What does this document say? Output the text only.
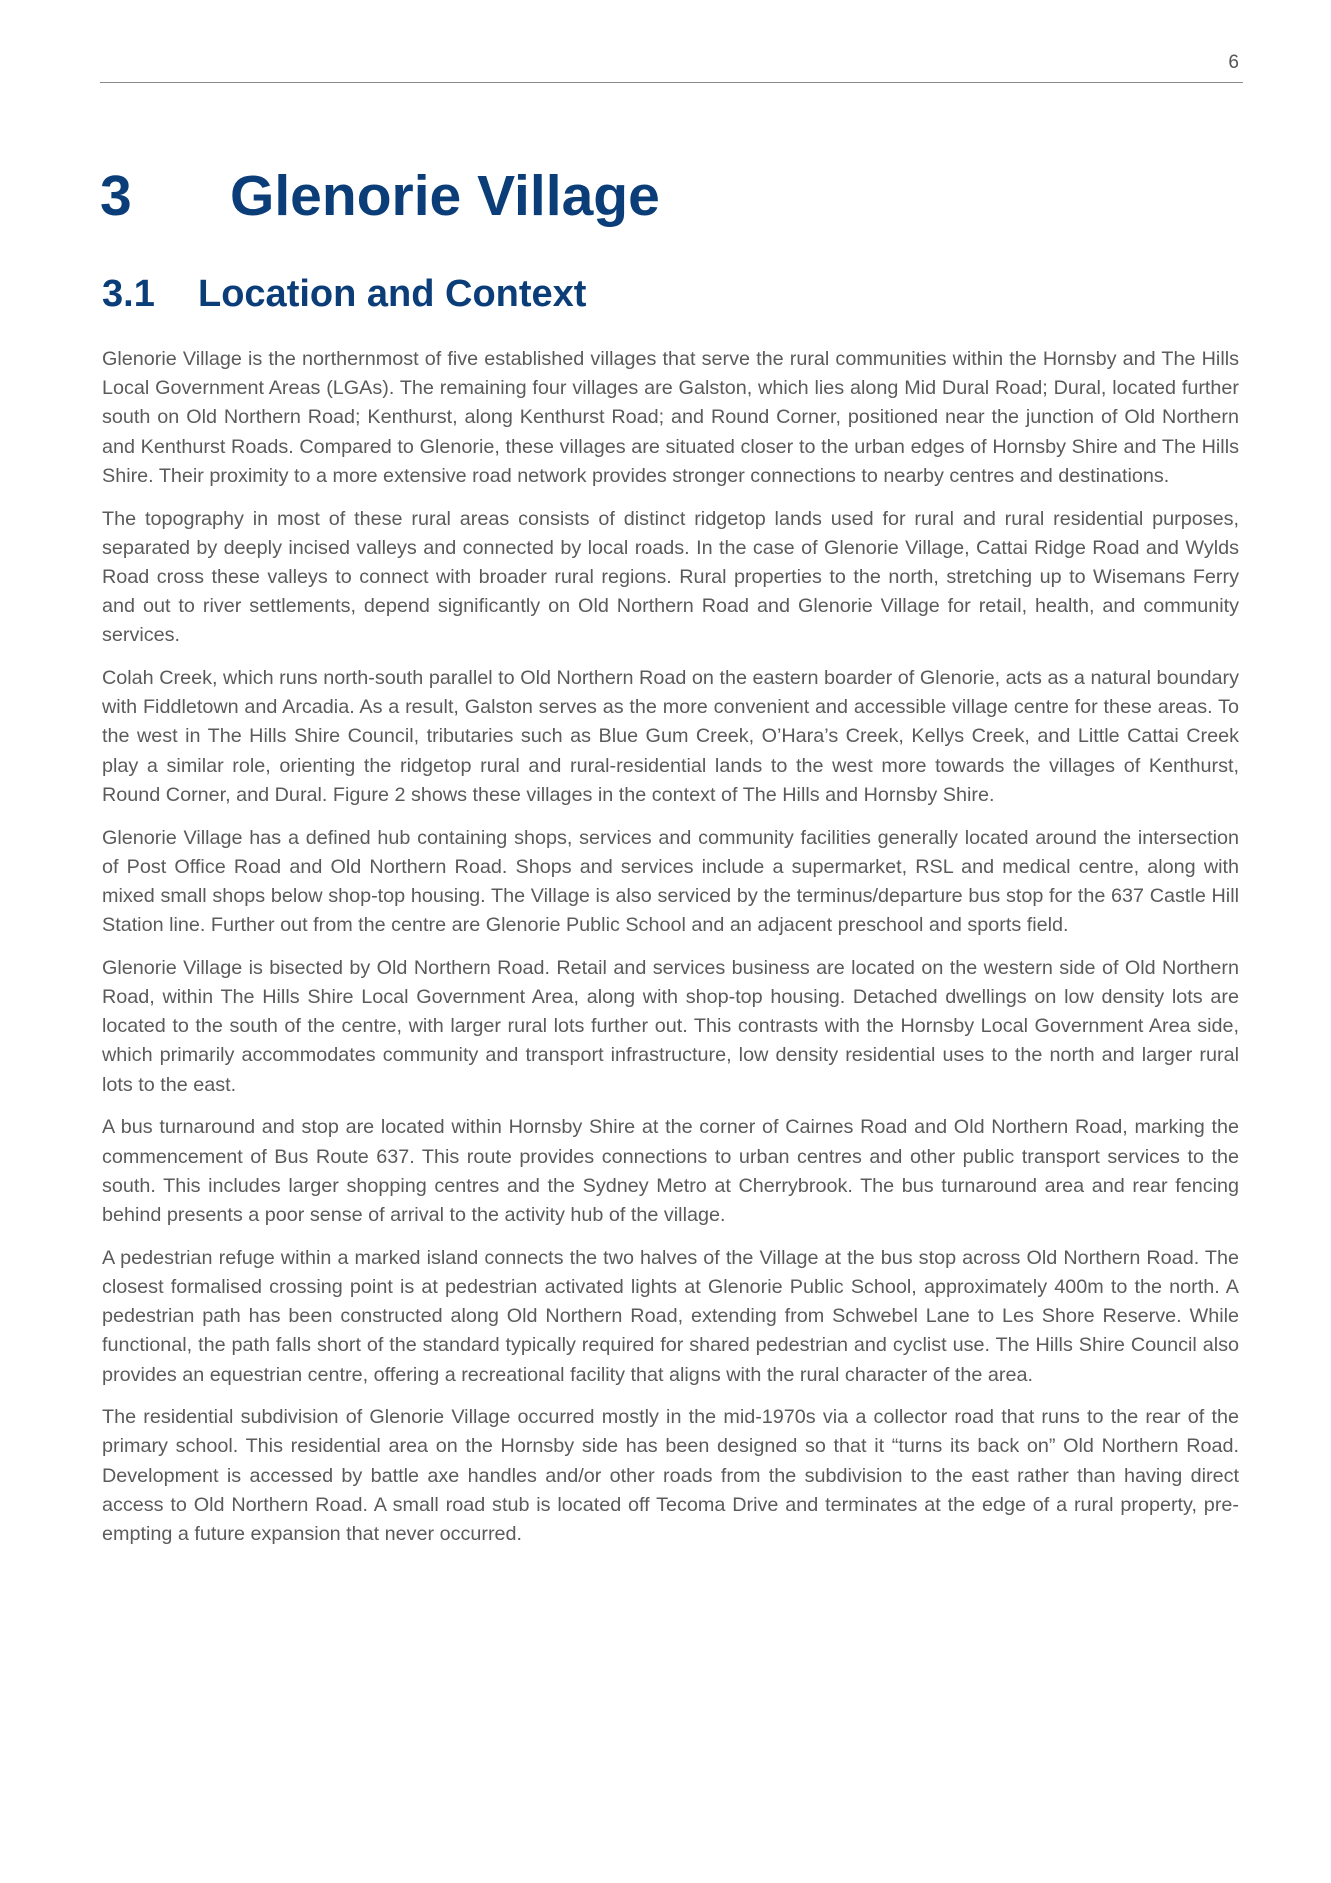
6
3 Glenorie Village
3.1 Location and Context

Glenorie Village is the northernmost of five established villages that serve the rural communities within the Hornsby and The Hills Local Government Areas (LGAs). The remaining four villages are Galston, which lies along Mid Dural Road; Dural, located further south on Old Northern Road; Kenthurst, along Kenthurst Road; and Round Corner, positioned near the junction of Old Northern and Kenthurst Roads. Compared to Glenorie, these villages are situated closer to the urban edges of Hornsby Shire and The Hills Shire. Their proximity to a more extensive road network provides stronger connections to nearby centres and destinations.

The topography in most of these rural areas consists of distinct ridgetop lands used for rural and rural residential purposes, separated by deeply incised valleys and connected by local roads. In the case of Glenorie Village, Cattai Ridge Road and Wylds Road cross these valleys to connect with broader rural regions. Rural properties to the north, stretching up to Wisemans Ferry and out to river settlements, depend significantly on Old Northern Road and Glenorie Village for retail, health, and community services.

Colah Creek, which runs north-south parallel to Old Northern Road on the eastern boarder of Glenorie, acts as a natural boundary with Fiddletown and Arcadia. As a result, Galston serves as the more convenient and accessible village centre for these areas. To the west in The Hills Shire Council, tributaries such as Blue Gum Creek, O’Hara’s Creek, Kellys Creek, and Little Cattai Creek play a similar role, orienting the ridgetop rural and rural-residential lands to the west more towards the villages of Kenthurst, Round Corner, and Dural. Figure 2 shows these villages in the context of The Hills and Hornsby Shire.

Glenorie Village has a defined hub containing shops, services and community facilities generally located around the intersection of Post Office Road and Old Northern Road. Shops and services include a supermarket, RSL and medical centre, along with mixed small shops below shop-top housing. The Village is also serviced by the terminus/departure bus stop for the 637 Castle Hill Station line. Further out from the centre are Glenorie Public School and an adjacent preschool and sports field.

Glenorie Village is bisected by Old Northern Road. Retail and services business are located on the western side of Old Northern Road, within The Hills Shire Local Government Area, along with shop-top housing. Detached dwellings on low density lots are located to the south of the centre, with larger rural lots further out. This contrasts with the Hornsby Local Government Area side, which primarily accommodates community and transport infrastructure, low density residential uses to the north and larger rural lots to the east.

A bus turnaround and stop are located within Hornsby Shire at the corner of Cairnes Road and Old Northern Road, marking the commencement of Bus Route 637. This route provides connections to urban centres and other public transport services to the south. This includes larger shopping centres and the Sydney Metro at Cherrybrook. The bus turnaround area and rear fencing behind presents a poor sense of arrival to the activity hub of the village.

A pedestrian refuge within a marked island connects the two halves of the Village at the bus stop across Old Northern Road. The closest formalised crossing point is at pedestrian activated lights at Glenorie Public School, approximately 400m to the north. A pedestrian path has been constructed along Old Northern Road, extending from Schwebel Lane to Les Shore Reserve. While functional, the path falls short of the standard typically required for shared pedestrian and cyclist use. The Hills Shire Council also provides an equestrian centre, offering a recreational facility that aligns with the rural character of the area.

The residential subdivision of Glenorie Village occurred mostly in the mid-1970s via a collector road that runs to the rear of the primary school. This residential area on the Hornsby side has been designed so that it “turns its back on” Old Northern Road. Development is accessed by battle axe handles and/or other roads from the subdivision to the east rather than having direct access to Old Northern Road. A small road stub is located off Tecoma Drive and terminates at the edge of a rural property, pre-empting a future expansion that never occurred.
